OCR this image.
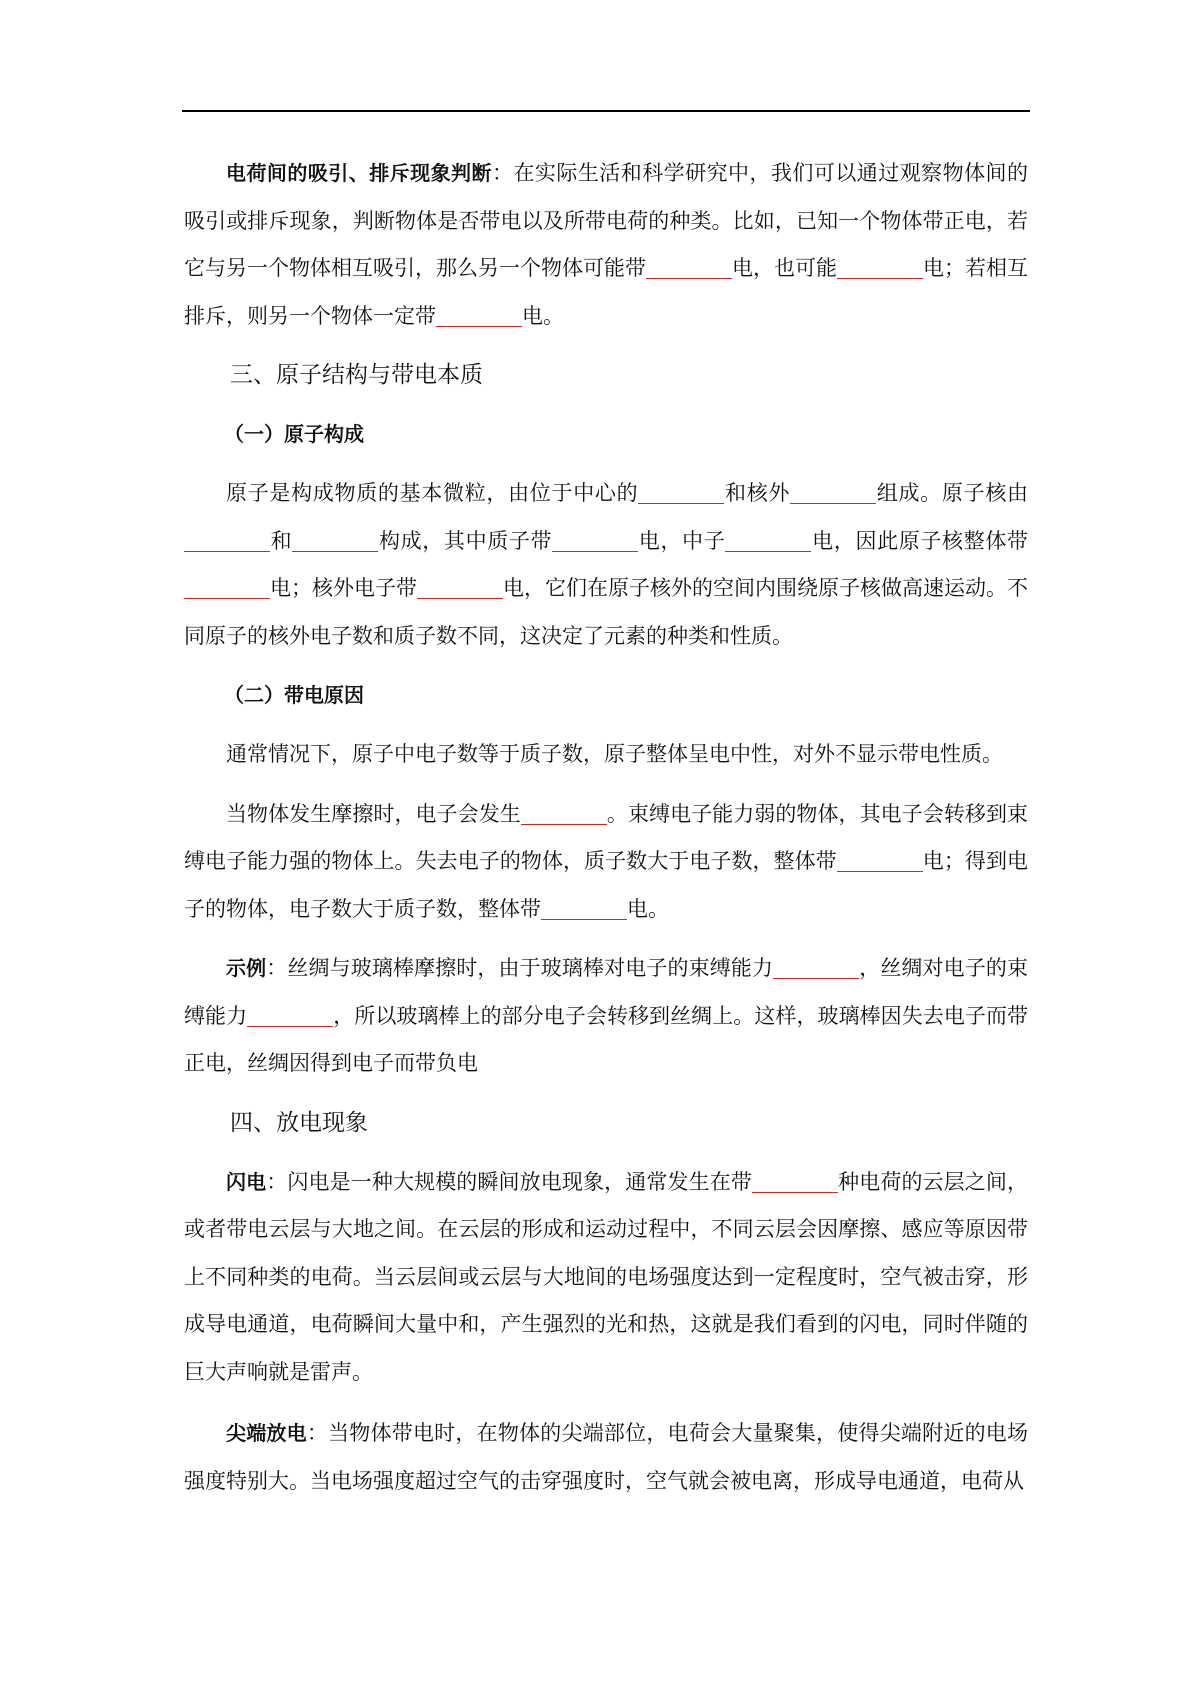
电荷间的吸引、排斥现象判断：在实际生活和科学研究中，我们可以通过观察物体间的吸引或排斥现象，判断物体是否带电以及所带电荷的种类。比如，已知一个物体带正电，若它与另一个物体相互吸引，那么另一个物体可能带	电，也可能	电；若相互排斥，则另一个物体一定带	电。

三、原子结构与带电本质
（一）原子构成

原子是构成物质的基本微粒，由位于中心的	和核外	组成。原子核由和	构成，其中质子带	电，中子	电，因此原子核整体带电；核外电子带	电，它们在原子核外的空间内围绕原子核做高速运动。不同原子的核外电子数和质子数不同，这决定了元素的种类和性质。

（二）带电原因

通常情况下，原子中电子数等于质子数，原子整体呈电中性，对外不显示带电性质。

当物体发生摩擦时，电子会发生	。束缚电子能力弱的物体，其电子会转移到束缚电子能力强的物体上。失去电子的物体，质子数大于电子数，整体带	电；得到电子的物体，电子数大于质子数，整体带	电。

示例：丝绸与玻璃棒摩擦时，由于玻璃棒对电子的束缚能力	，丝绸对电子的束缚能力	，所以玻璃棒上的部分电子会转移到丝绸上。这样，玻璃棒因失去电子而带正电，丝绸因得到电子而带负电

四、放电现象

闪电：闪电是一种大规模的瞬间放电现象，通常发生在带	种电荷的云层之间，或者带电云层与大地之间。在云层的形成和运动过程中，不同云层会因摩擦、感应等原因带上不同种类的电荷。当云层间或云层与大地间的电场强度达到一定程度时，空气被击穿，形成导电通道，电荷瞬间大量中和，产生强烈的光和热，这就是我们看到的闪电，同时伴随的巨大声响就是雷声。

尖端放电：当物体带电时，在物体的尖端部位，电荷会大量聚集，使得尖端附近的电场强度特别大。当电场强度超过空气的击穿强度时，空气就会被电离，形成导电通道，电荷从
